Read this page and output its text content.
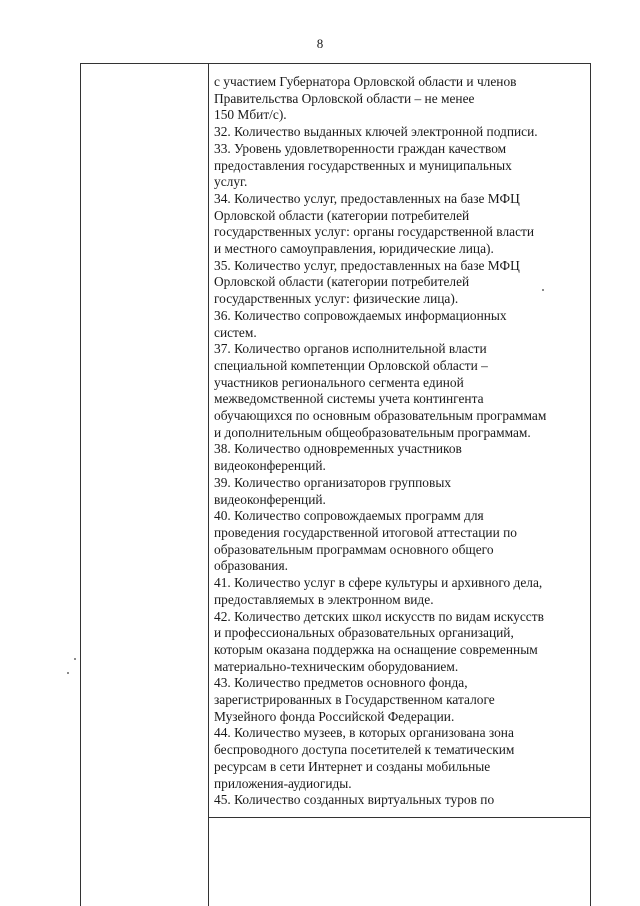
8
с участием Губернатора Орловской области и членов
Правительства Орловской области – не менее
150 Мбит/с).
32. Количество выданных ключей электронной подписи.
33. Уровень удовлетворенности граждан качеством
предоставления государственных и муниципальных
услуг.
34. Количество услуг, предоставленных на базе МФЦ
Орловской области (категории потребителей
государственных услуг: органы государственной власти
и местного самоуправления, юридические лица).
35. Количество услуг, предоставленных на базе МФЦ
Орловской области (категории потребителей
государственных услуг: физические лица).
36. Количество сопровождаемых информационных
систем.
37. Количество органов исполнительной власти
специальной компетенции Орловской области –
участников регионального сегмента единой
межведомственной системы учета контингента
обучающихся по основным образовательным программам
и дополнительным общеобразовательным программам.
38. Количество одновременных участников
видеоконференций.
39. Количество организаторов групповых
видеоконференций.
40. Количество сопровождаемых программ для
проведения государственной итоговой аттестации по
образовательным программам основного общего
образования.
41. Количество услуг в сфере культуры и архивного дела,
предоставляемых в электронном виде.
42. Количество детских школ искусств по видам искусств
и профессиональных образовательных организаций,
которым оказана поддержка на оснащение современным
материально-техническим оборудованием.
43. Количество предметов основного фонда,
зарегистрированных в Государственном каталоге
Музейного фонда Российской Федерации.
44. Количество музеев, в которых организована зона
беспроводного доступа посетителей к тематическим
ресурсам в сети Интернет и созданы мобильные
приложения-аудиогиды.
45. Количество созданных виртуальных туров по
